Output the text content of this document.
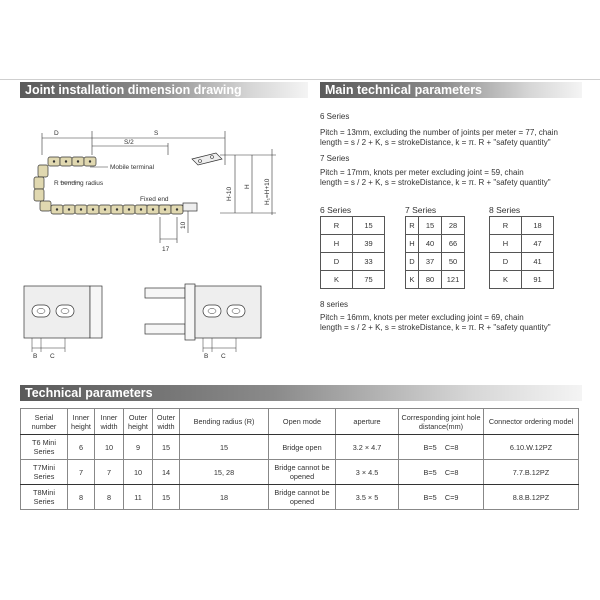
Joint installation dimension drawing	Main technical parameters
Technical parameters
D	S
S/2
Mobile terminal
R bending radius
Fixed end	H-10
H H₁=H+10
10
17
B C	B C
6 Series
Pitch = 13mm, excluding the number of joints per meter = 77, chain
length = s / 2 + K, s = strokeDistance, k = π. R + "safety quantity"
7 Series
Pitch = 17mm, knots per meter excluding joint = 59, chain
length = s / 2 + K, s = strokeDistance, k = π. R + "safety quantity"
6 Series
R	15
H	39
D	33
K	75
7 Series
R	15	28
H	40	66
D	37	50
K	80	121
8 Series
R	18
H	47
D	41
K	91
8 series
Pitch = 16mm, knots per meter excluding joint = 69, chain
length = s / 2 + K, s = strokeDistance, k = π. R + "safety quantity"
Serial number	Inner height	Inner width	Outer height	Outer width	Bending radius (R)	Open mode	aperture	Corresponding joint hole distance(mm)	Connector ordering model
T6 Mini Series	6	10	9	15	15	Bridge open	3.2 × 4.7	B=5    C=8	6.10.W.12PZ
T7Mini Series	7	7	10	14	15, 28	Bridge cannot be opened	3 × 4.5	B=5    C=8	7.7.B.12PZ
T8Mini Series	8	8	11	15	18	Bridge cannot be opened	3.5 × 5	B=5    C=9	8.8.B.12PZ
